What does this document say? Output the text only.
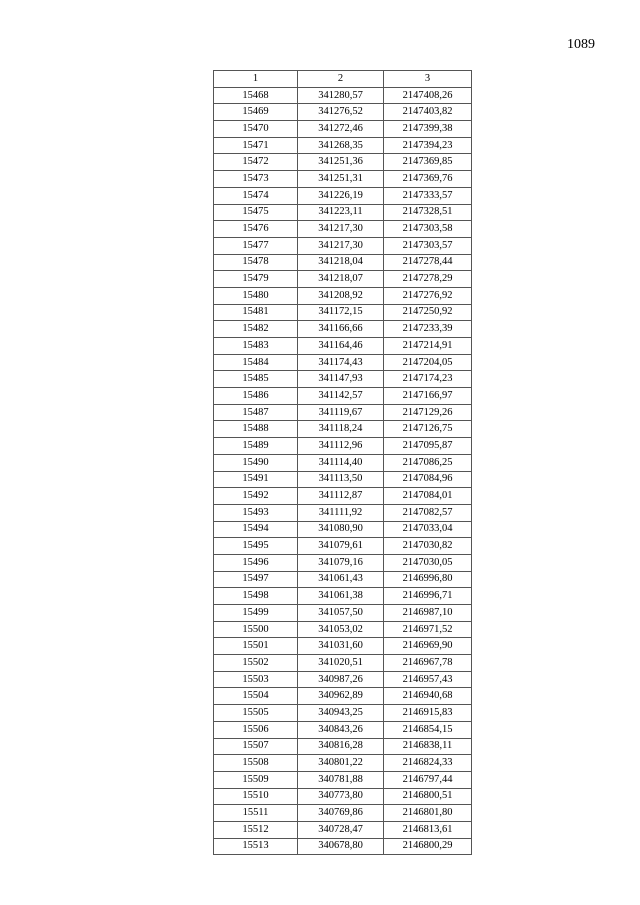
1089
1	2	3
15468	341280,57	2147408,26
15469	341276,52	2147403,82
15470	341272,46	2147399,38
15471	341268,35	2147394,23
15472	341251,36	2147369,85
15473	341251,31	2147369,76
15474	341226,19	2147333,57
15475	341223,11	2147328,51
15476	341217,30	2147303,58
15477	341217,30	2147303,57
15478	341218,04	2147278,44
15479	341218,07	2147278,29
15480	341208,92	2147276,92
15481	341172,15	2147250,92
15482	341166,66	2147233,39
15483	341164,46	2147214,91
15484	341174,43	2147204,05
15485	341147,93	2147174,23
15486	341142,57	2147166,97
15487	341119,67	2147129,26
15488	341118,24	2147126,75
15489	341112,96	2147095,87
15490	341114,40	2147086,25
15491	341113,50	2147084,96
15492	341112,87	2147084,01
15493	341111,92	2147082,57
15494	341080,90	2147033,04
15495	341079,61	2147030,82
15496	341079,16	2147030,05
15497	341061,43	2146996,80
15498	341061,38	2146996,71
15499	341057,50	2146987,10
15500	341053,02	2146971,52
15501	341031,60	2146969,90
15502	341020,51	2146967,78
15503	340987,26	2146957,43
15504	340962,89	2146940,68
15505	340943,25	2146915,83
15506	340843,26	2146854,15
15507	340816,28	2146838,11
15508	340801,22	2146824,33
15509	340781,88	2146797,44
15510	340773,80	2146800,51
15511	340769,86	2146801,80
15512	340728,47	2146813,61
15513	340678,80	2146800,29
